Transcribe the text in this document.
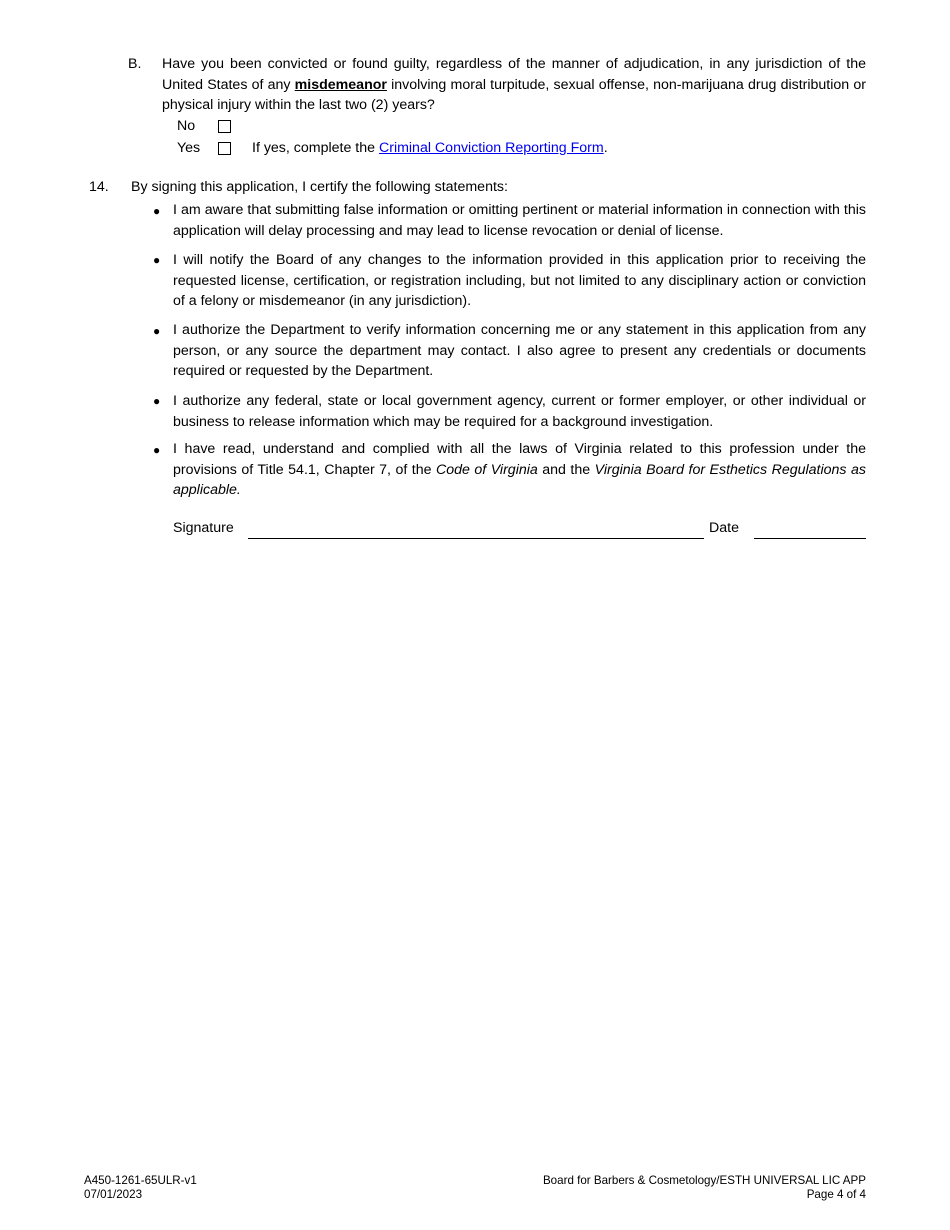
B. Have you been convicted or found guilty, regardless of the manner of adjudication, in any jurisdiction of the United States of any misdemeanor involving moral turpitude, sexual offense, non-marijuana drug distribution or physical injury within the last two (2) years?
No
Yes	If yes, complete the Criminal Conviction Reporting Form.
14. By signing this application, I certify the following statements:
● I am aware that submitting false information or omitting pertinent or material information in connection with this application will delay processing and may lead to license revocation or denial of license.
● I will notify the Board of any changes to the information provided in this application prior to receiving the requested license, certification, or registration including, but not limited to any disciplinary action or conviction of a felony or misdemeanor (in any jurisdiction).
● I authorize the Department to verify information concerning me or any statement in this application from any person, or any source the department may contact. I also agree to present any credentials or documents required or requested by the Department.
● I authorize any federal, state or local government agency, current or former employer, or other individual or business to release information which may be required for a background investigation.
● I have read, understand and complied with all the laws of Virginia related to this profession under the provisions of Title 54.1, Chapter 7, of the Code of Virginia and the Virginia Board for Esthetics Regulations as applicable.
Signature	Date
A450-1261-65ULR-v1
07/01/2023
Board for Barbers & Cosmetology/ESTH UNIVERSAL LIC APP
Page 4 of 4
